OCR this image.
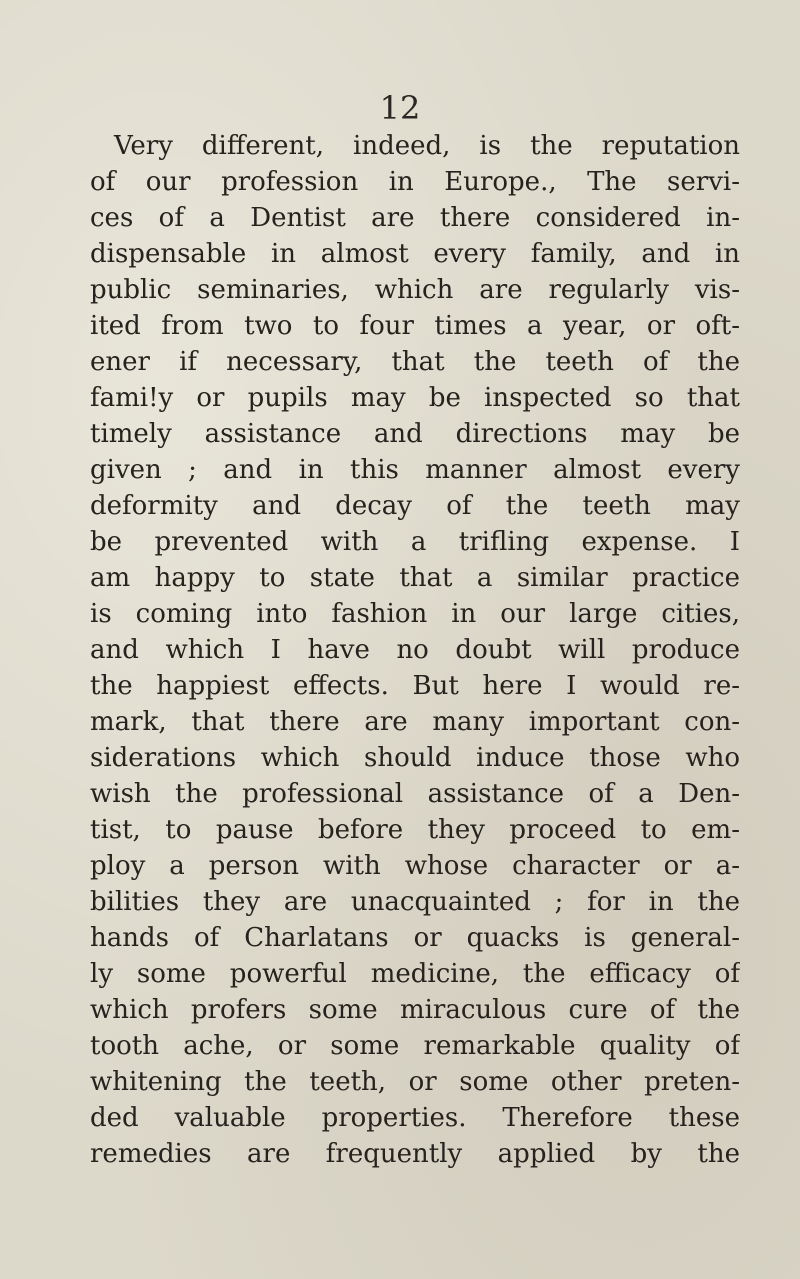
12
Very different, indeed, is the reputation
of our profession in Europe., The servi-
ces of a Dentist are there considered in-
dispensable in almost every family, and in
public seminaries, which are regularly vis-
ited from two to four times a year, or oft-
ener if necessary, that the teeth of the
fami!y or pupils may be inspected so that
timely assistance and directions may be
given ; and in this manner almost every
deformity and decay of the teeth may
be prevented with a trifling expense. I
am happy to state that a similar practice
is coming into fashion in our large cities,
and which I have no doubt will produce
the happiest effects. But here I would re-
mark, that there are many important con-
siderations which should induce those who
wish the professional assistance of a Den-
tist, to pause before they proceed to em-
ploy a person with whose character or a-
bilities they are unacquainted ; for in the
hands of Charlatans or quacks is general-
ly some powerful medicine, the efficacy of
which profers some miraculous cure of the
tooth ache, or some remarkable quality of
whitening the teeth, or some other preten-
ded valuable properties. Therefore these
remedies are frequently applied by the
